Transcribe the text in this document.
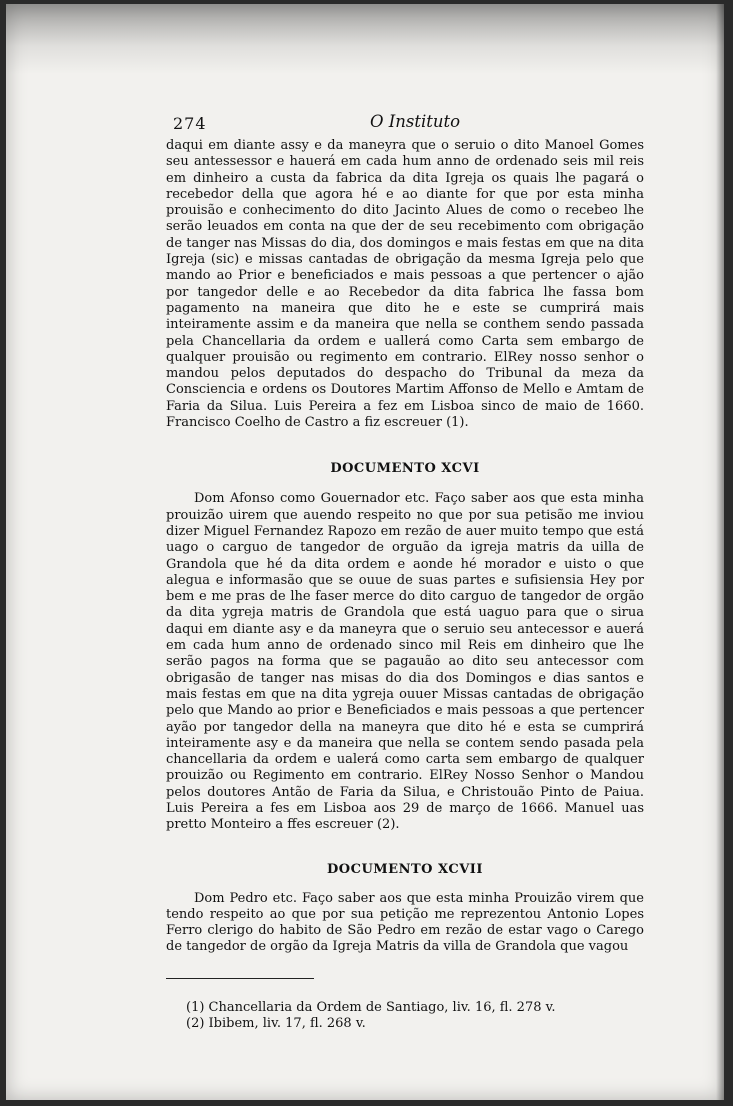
274	O Instituto

daqui em diante assy e da maneyra que o seruio o dito Manoel Gomes seu antessessor e hauerá em cada hum anno de ordenado seis mil reis em dinheiro a custa da fabrica da dita Igreja os quais lhe pagará o recebedor della que agora hé e ao diante for que por esta minha prouisão e conhecimento do dito Jacinto Alues de como o recebeo lhe serão leuados em conta na que der de seu recebimento com obrigação de tanger nas Missas do dia, dos domingos e mais festas em que na dita Igreja (sic) e missas cantadas de obrigação da mesma Igreja pelo que mando ao Prior e beneficiados e mais pessoas a que pertencer o ajão por tangedor delle e ao Recebedor da dita fabrica lhe fassa bom pagamento na maneira que dito he e este se cumprirá mais inteiramente assim e da maneira que nella se conthem sendo passada pela Chancellaria da ordem e uallerá como Carta sem embargo de qualquer prouisão ou regimento em contrario. ElRey nosso senhor o mandou pelos deputados do despacho do Tribunal da meza da Consciencia e ordens os Doutores Martim Affonso de Mello e Amtam de Faria da Silua. Luis Pereira a fez em Lisboa sinco de maio de 1660. Francisco Coelho de Castro a fiz escreuer (1).

DOCUMENTO XCVI

Dom Afonso como Gouernador etc. Faço saber aos que esta minha prouizão uirem que auendo respeito no que por sua petisão me inviou dizer Miguel Fernandez Rapozo em rezão de auer muito tempo que está uago o carguo de tangedor de orguão da igreja matris da uilla de Grandola que hé da dita ordem e aonde hé morador e uisto o que alegua e informasão que se ouue de suas partes e sufisiensia Hey por bem e me pras de lhe faser merce do dito carguo de tangedor de orgão da dita ygreja matris de Grandola que está uaguo para que o sirua daqui em diante asy e da maneyra que o seruio seu antecessor e auerá em cada hum anno de ordenado sinco mil Reis em dinheiro que lhe serão pagos na forma que se pagauão ao dito seu antecessor com obrigasão de tanger nas misas do dia dos Domingos e dias santos e mais festas em que na dita ygreja ouuer Missas cantadas de obrigação pelo que Mando ao prior e Beneficiados e mais pessoas a que pertencer ayão por tangedor della na maneyra que dito hé e esta se cumprirá inteiramente asy e da maneira que nella se contem sendo pasada pela chancellaria da ordem e ualerá como carta sem embargo de qualquer prouizão ou Regimento em contrario. ElRey Nosso Senhor o Mandou pelos doutores Antão de Faria da Silua, e Christouão Pinto de Paiua. Luis Pereira a fes em Lisboa aos 29 de março de 1666. Manuel uas pretto Monteiro a ffes escreuer (2).

DOCUMENTO XCVII

Dom Pedro etc. Faço saber aos que esta minha Prouizão virem que tendo respeito ao que por sua petição me reprezentou Antonio Lopes Ferro clerigo do habito de São Pedro em rezão de estar vago o Carego de tangedor de orgão da Igreja Matris da villa de Grandola que vagou

(1) Chancellaria da Ordem de Santiago, liv. 16, fl. 278 v.

(2) Ibibem, liv. 17, fl. 268 v.
